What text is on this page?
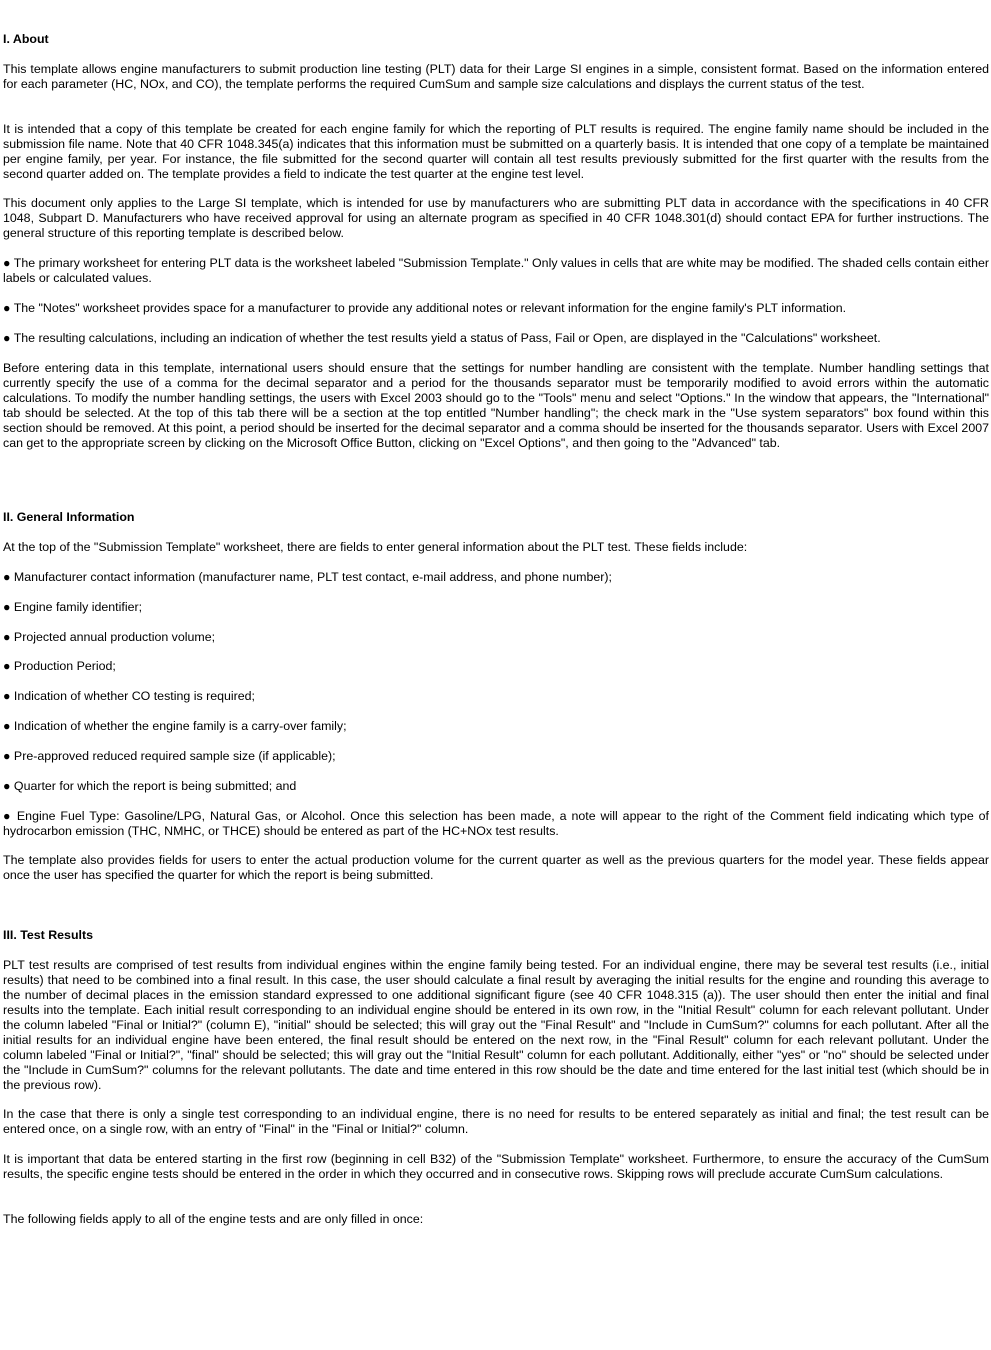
I. About
This template allows engine manufacturers to submit production line testing (PLT) data for their Large SI engines in a simple, consistent format. Based on the information entered for each parameter (HC, NOx, and CO), the template performs the required CumSum and sample size calculations and displays the current status of the test.
It is intended that a copy of this template be created for each engine family for which the reporting of PLT results is required. The engine family name should be included in the submission file name. Note that 40 CFR 1048.345(a) indicates that this information must be submitted on a quarterly basis. It is intended that one copy of a template be maintained per engine family, per year. For instance, the file submitted for the second quarter will contain all test results previously submitted for the first quarter with the results from the second quarter added on. The template provides a field to indicate the test quarter at the engine test level.
This document only applies to the Large SI template, which is intended for use by manufacturers who are submitting PLT data in accordance with the specifications in 40 CFR 1048, Subpart D. Manufacturers who have received approval for using an alternate program as specified in 40 CFR 1048.301(d) should contact EPA for further instructions. The general structure of this reporting template is described below.
● The primary worksheet for entering PLT data is the worksheet labeled "Submission Template." Only values in cells that are white may be modified. The shaded cells contain either labels or calculated values.
● The "Notes" worksheet provides space for a manufacturer to provide any additional notes or relevant information for the engine family's PLT information.
● The resulting calculations, including an indication of whether the test results yield a status of Pass, Fail or Open, are displayed in the "Calculations" worksheet.
Before entering data in this template, international users should ensure that the settings for number handling are consistent with the template. Number handling settings that currently specify the use of a comma for the decimal separator and a period for the thousands separator must be temporarily modified to avoid errors within the automatic calculations. To modify the number handling settings, the users with Excel 2003 should go to the "Tools" menu and select "Options." In the window that appears, the "International" tab should be selected. At the top of this tab there will be a section at the top entitled "Number handling"; the check mark in the "Use system separators" box found within this section should be removed. At this point, a period should be inserted for the decimal separator and a comma should be inserted for the thousands separator. Users with Excel 2007 can get to the appropriate screen by clicking on the Microsoft Office Button, clicking on "Excel Options", and then going to the "Advanced" tab.
II. General Information
At the top of the "Submission Template" worksheet, there are fields to enter general information about the PLT test. These fields include:
● Manufacturer contact information (manufacturer name, PLT test contact, e-mail address, and phone number);
● Engine family identifier;
● Projected annual production volume;
● Production Period;
● Indication of whether CO testing is required;
● Indication of whether the engine family is a carry-over family;
● Pre-approved reduced required sample size (if applicable);
● Quarter for which the report is being submitted; and
● Engine Fuel Type: Gasoline/LPG, Natural Gas, or Alcohol. Once this selection has been made, a note will appear to the right of the Comment field indicating which type of hydrocarbon emission (THC, NMHC, or THCE) should be entered as part of the HC+NOx test results.
The template also provides fields for users to enter the actual production volume for the current quarter as well as the previous quarters for the model year. These fields appear once the user has specified the quarter for which the report is being submitted.
III. Test Results
PLT test results are comprised of test results from individual engines within the engine family being tested. For an individual engine, there may be several test results (i.e., initial results) that need to be combined into a final result. In this case, the user should calculate a final result by averaging the initial results for the engine and rounding this average to the number of decimal places in the emission standard expressed to one additional significant figure (see 40 CFR 1048.315 (a)). The user should then enter the initial and final results into the template. Each initial result corresponding to an individual engine should be entered in its own row, in the "Initial Result" column for each relevant pollutant. Under the column labeled "Final or Initial?" (column E), "initial" should be selected; this will gray out the "Final Result" and "Include in CumSum?" columns for each pollutant. After all the initial results for an individual engine have been entered, the final result should be entered on the next row, in the "Final Result" column for each relevant pollutant. Under the column labeled "Final or Initial?", "final" should be selected; this will gray out the "Initial Result" column for each pollutant. Additionally, either "yes" or "no" should be selected under the "Include in CumSum?" columns for the relevant pollutants. The date and time entered in this row should be the date and time entered for the last initial test (which should be in the previous row).
In the case that there is only a single test corresponding to an individual engine, there is no need for results to be entered separately as initial and final; the test result can be entered once, on a single row, with an entry of "Final" in the "Final or Initial?" column.
It is important that data be entered starting in the first row (beginning in cell B32) of the "Submission Template" worksheet. Furthermore, to ensure the accuracy of the CumSum results, the specific engine tests should be entered in the order in which they occurred and in consecutive rows. Skipping rows will preclude accurate CumSum calculations.
The following fields apply to all of the engine tests and are only filled in once:
